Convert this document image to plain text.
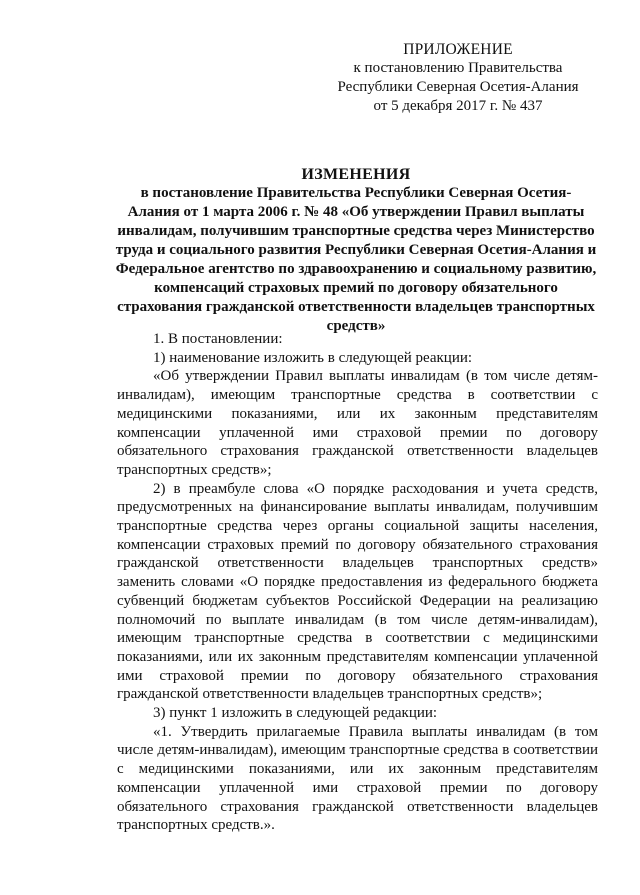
ПРИЛОЖЕНИЕ
к постановлению Правительства
Республики Северная Осетия-Алания
от 5 декабря 2017 г. № 437
ИЗМЕНЕНИЯ
в постановление Правительства Республики Северная Осетия-
Алания от 1 марта 2006 г. № 48 «Об утверждении Правил выплаты
инвалидам, получившим транспортные средства через Министерство
труда и социального развития Республики Северная Осетия-Алания и
Федеральное агентство по здравоохранению и социальному развитию,
компенсаций страховых премий по договору обязательного
страхования гражданской ответственности владельцев транспортных
средств»

1. В постановлении:

1) наименование изложить в следующей реакции:

«Об утверждении Правил выплаты инвалидам (в том числе детям-инвалидам), имеющим транспортные средства в соответствии с медицинскими показаниями, или их законным представителям компенсации уплаченной ими страховой премии по договору обязательного страхования гражданской ответственности владельцев транспортных средств»;

2) в преамбуле слова «О порядке расходования и учета средств, предусмотренных на финансирование выплаты инвалидам, получившим транспортные средства через органы социальной защиты населения, компенсации страховых премий по договору обязательного страхования гражданской ответственности владельцев транспортных средств» заменить словами «О порядке предоставления из федерального бюджета субвенций бюджетам субъектов Российской Федерации на реализацию полномочий по выплате инвалидам (в том числе детям-инвалидам), имеющим транспортные средства в соответствии с медицинскими показаниями, или их законным представителям компенсации уплаченной ими страховой премии по договору обязательного страхования гражданской ответственности владельцев транспортных средств»;

3) пункт 1 изложить в следующей редакции:

«1. Утвердить прилагаемые Правила выплаты инвалидам (в том числе детям-инвалидам), имеющим транспортные средства в соответствии с медицинскими показаниями, или их законным представителям компенсации уплаченной ими страховой премии по договору обязательного страхования гражданской ответственности владельцев транспортных средств.».
